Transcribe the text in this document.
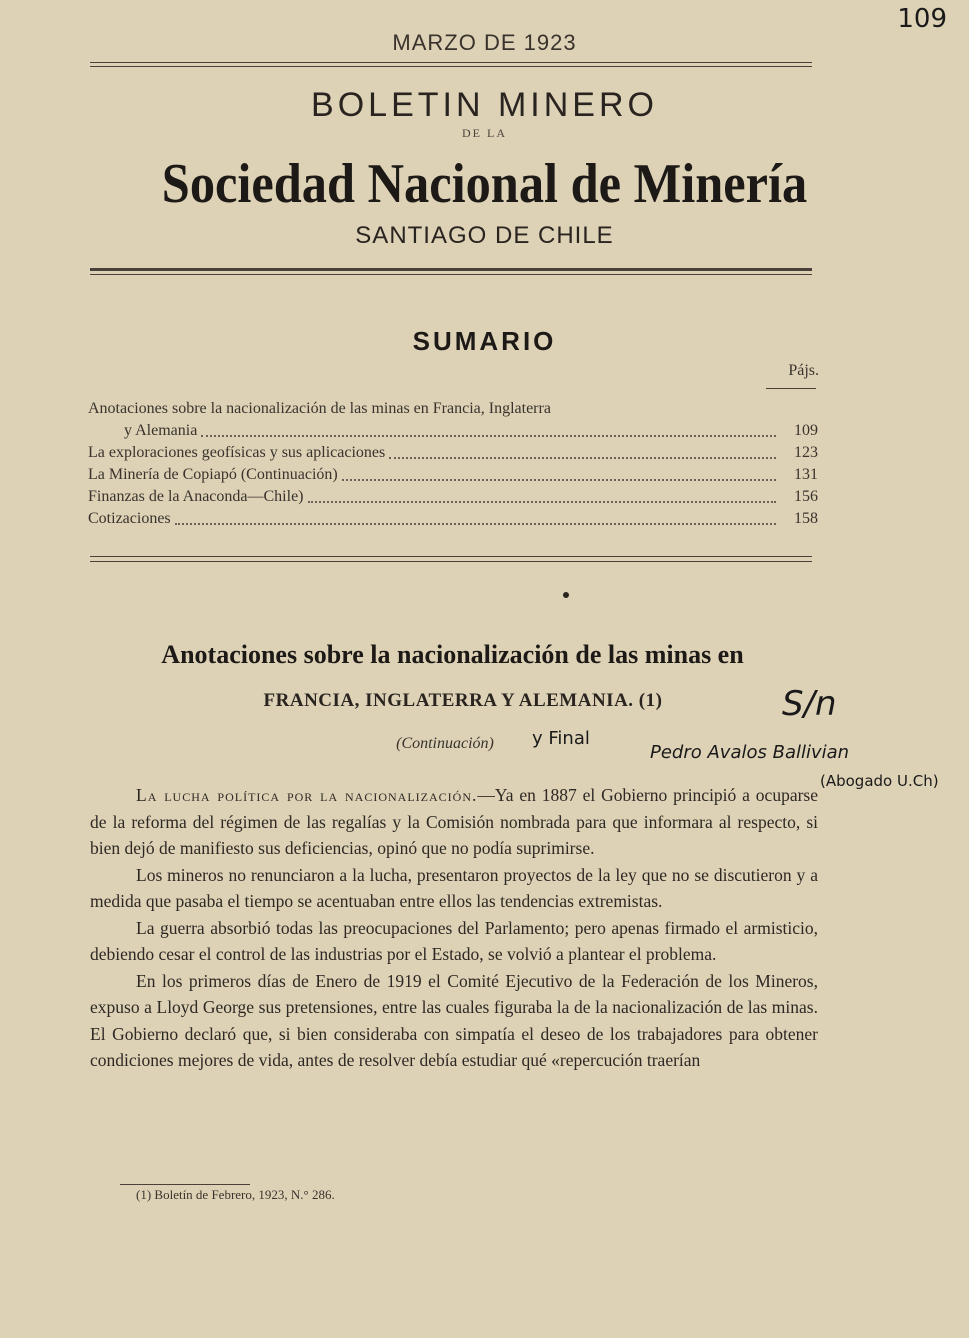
109
MARZO DE 1923
BOLETIN MINERO
DE LA
Sociedad Nacional de Minería
SANTIAGO DE CHILE
SUMARIO
Pájs.
Anotaciones sobre la nacionalización de las minas en Francia, Inglaterra
y Alemania	109
La exploraciones geofísicas y sus aplicaciones	123
La Minería de Copiapó (Continuación)	131
Finanzas de la Anaconda—Chile)	156
Cotizaciones	158
Anotaciones sobre la nacionalización de las minas en
FRANCIA, INGLATERRA Y ALEMANIA. (1)
(Continuación)
S/n
y Final
Pedro Avalos Ballivian
(Abogado U.Ch)

La lucha política por la nacionalización.—Ya en 1887 el Gobierno principió a ocuparse de la reforma del régimen de las regalías y la Comisión nombrada para que informara al respecto, si bien dejó de manifiesto sus deficiencias, opinó que no podía suprimirse.

Los mineros no renunciaron a la lucha, presentaron proyectos de la ley que no se discutieron y a medida que pasaba el tiempo se acentuaban entre ellos las tendencias extremistas.

La guerra absorbió todas las preocupaciones del Parlamento; pero apenas firmado el armisticio, debiendo cesar el control de las industrias por el Estado, se volvió a plantear el problema.

En los primeros días de Enero de 1919 el Comité Ejecutivo de la Federación de los Mineros, expuso a Lloyd George sus pretensiones, entre las cuales figuraba la de la nacionalización de las minas. El Gobierno declaró que, si bien consideraba con simpatía el deseo de los trabajadores para obtener condiciones mejores de vida, antes de resolver debía estudiar qué «repercución traerían

(1) Boletín de Febrero, 1923, N.° 286.
